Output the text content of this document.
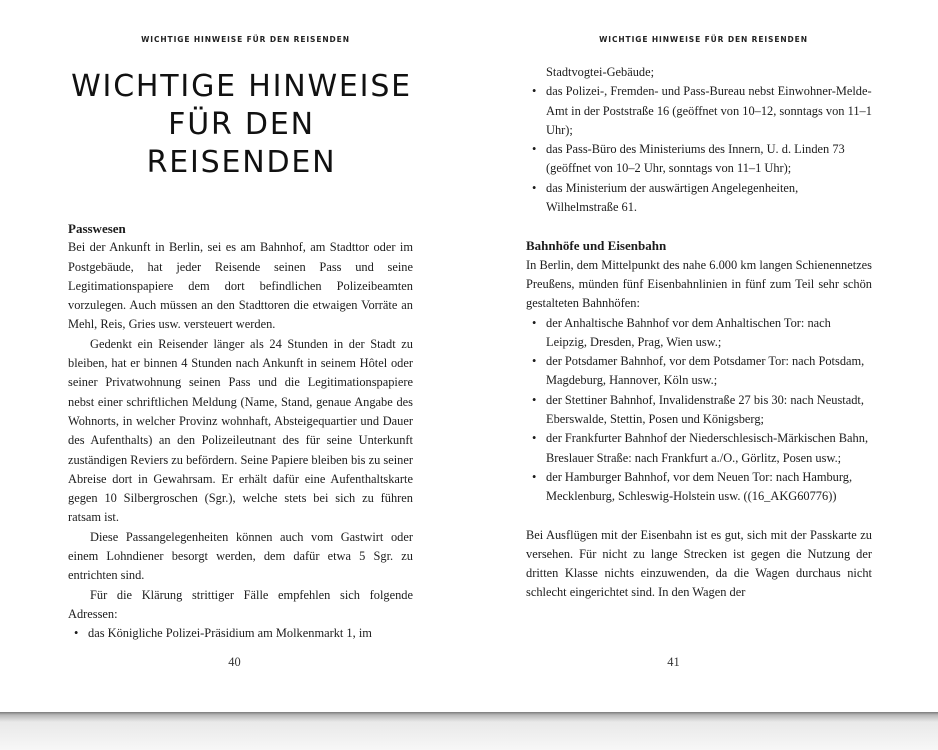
WICHTIGE HINWEISE FÜR DEN REISENDEN
WICHTIGE HINWEISE
FÜR DEN REISENDEN

Passwesen

Bei der Ankunft in Berlin, sei es am Bahnhof, am Stadttor oder im Postgebäude, hat jeder Reisende seinen Pass und seine Legitimationspapiere dem dort befindlichen Polizeibeamten vorzulegen. Auch müssen an den Stadttoren die etwaigen Vorräte an Mehl, Reis, Gries usw. versteuert werden.

Gedenkt ein Reisender länger als 24 Stunden in der Stadt zu bleiben, hat er binnen 4 Stunden nach Ankunft in seinem Hôtel oder seiner Privatwohnung seinen Pass und die Legitimationspapiere nebst einer schriftlichen Meldung (Name, Stand, genaue Angabe des Wohnorts, in welcher Provinz wohnhaft, Absteigequartier und Dauer des Aufenthalts) an den Polizeileutnant des für seine Unterkunft zuständigen Reviers zu befördern. Seine Papiere bleiben bis zu seiner Abreise dort in Gewahrsam. Er erhält dafür eine Aufenthaltskarte gegen 10 Silbergroschen (Sgr.), welche stets bei sich zu führen ratsam ist.

Diese Passangelegenheiten können auch vom Gastwirt oder einem Lohndiener besorgt werden, dem dafür etwa 5 Sgr. zu entrichten sind.

Für die Klärung strittiger Fälle empfehlen sich folgende Adressen:

• das Königliche Polizei-Präsidium am Molkenmarkt 1, im
40
WICHTIGE HINWEISE FÜR DEN REISENDEN
Stadtvogtei-Gebäude;
• das Polizei-, Fremden- und Pass-Bureau nebst Einwohner-Melde-Amt in der Poststraße 16 (geöffnet von 10–12, sonntags von 11–1 Uhr);
• das Pass-Büro des Ministeriums des Innern, U. d. Linden 73 (geöffnet von 10–2 Uhr, sonntags von 11–1 Uhr);
• das Ministerium der auswärtigen Angelegenheiten, Wilhelmstraße 61.

Bahnhöfe und Eisenbahn

In Berlin, dem Mittelpunkt des nahe 6.000 km langen Schienennetzes Preußens, münden fünf Eisenbahnlinien in fünf zum Teil sehr schön gestalteten Bahnhöfen:

• der Anhaltische Bahnhof vor dem Anhaltischen Tor: nach Leipzig, Dresden, Prag, Wien usw.;
• der Potsdamer Bahnhof, vor dem Potsdamer Tor: nach Potsdam, Magdeburg, Hannover, Köln usw.;
• der Stettiner Bahnhof, Invalidenstraße 27 bis 30: nach Neustadt, Eberswalde, Stettin, Posen und Königsberg;
• der Frankfurter Bahnhof der Niederschlesisch-Märkischen Bahn, Breslauer Straße: nach Frankfurt a./O., Görlitz, Posen usw.;
• der Hamburger Bahnhof, vor dem Neuen Tor: nach Hamburg, Mecklenburg, Schleswig-Holstein usw. ((16_AKG60776))

Bei Ausflügen mit der Eisenbahn ist es gut, sich mit der Passkarte zu versehen. Für nicht zu lange Strecken ist gegen die Nutzung der dritten Klasse nichts einzuwenden, da die Wagen durchaus nicht schlecht eingerichtet sind. In den Wagen der

41
